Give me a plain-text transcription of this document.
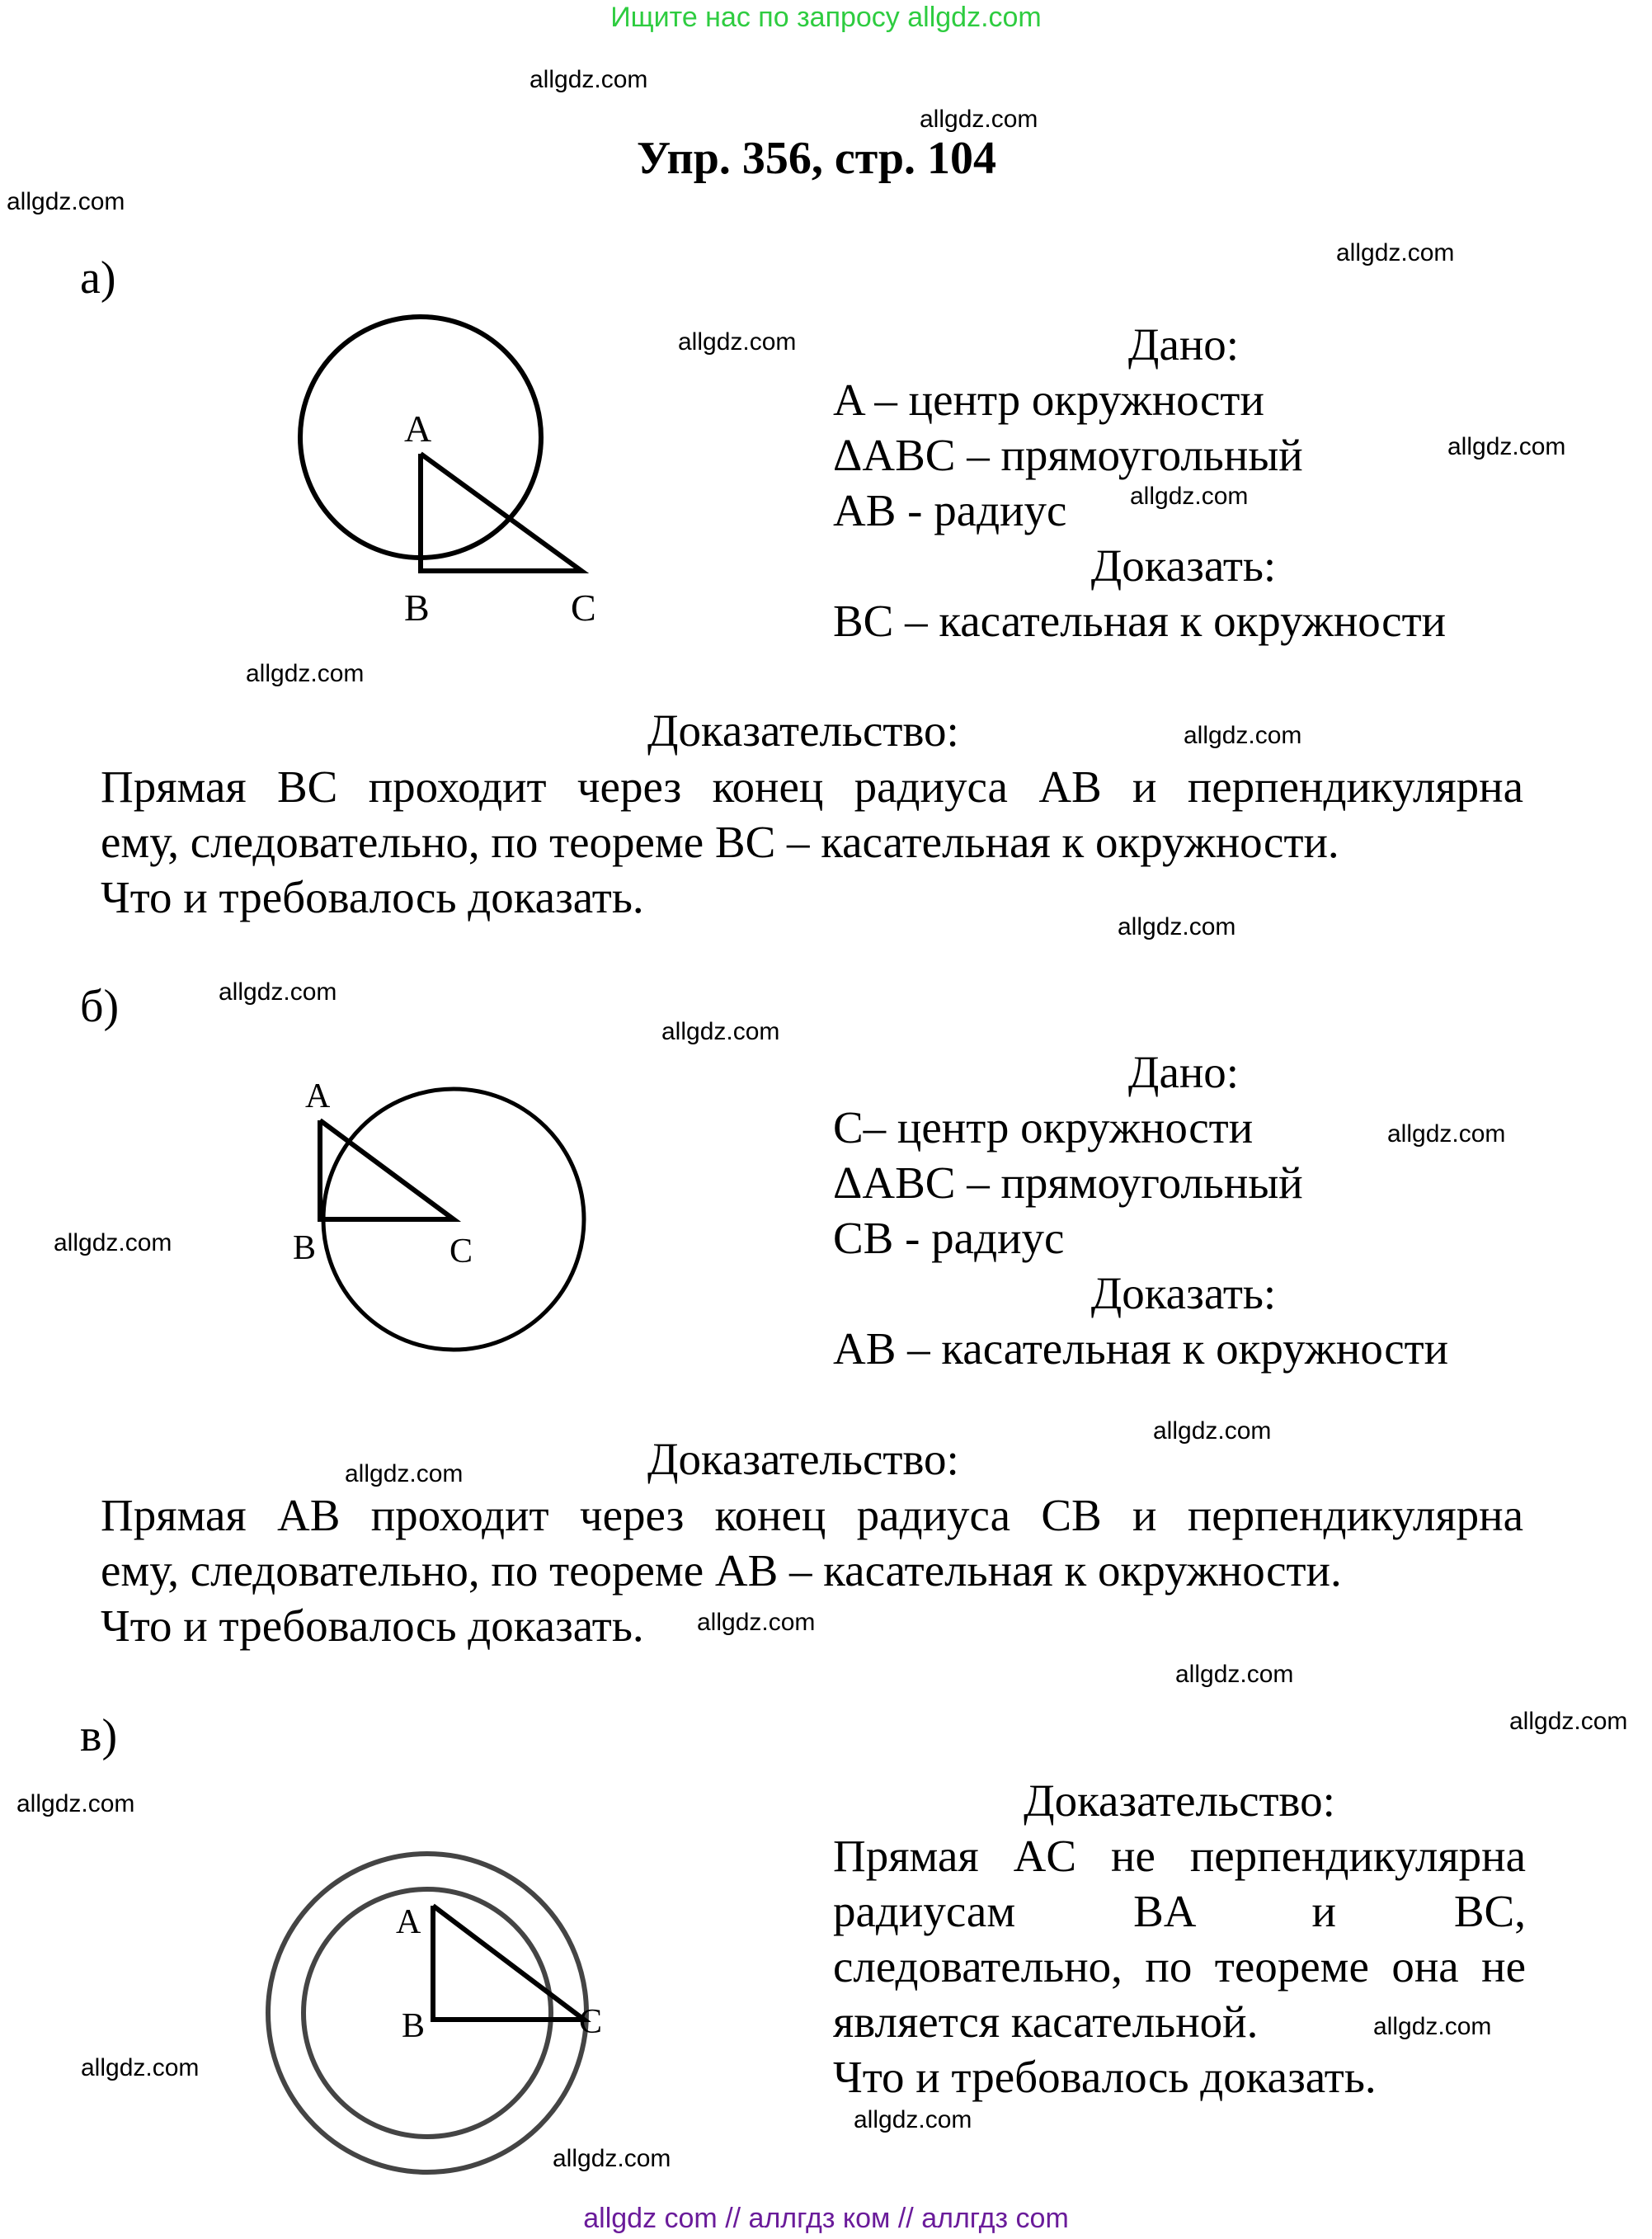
Ищите нас по запросу allgdz.com
Упр. 356, стр. 104
а)
A
B	C
Дано:
A – центр окружности
ΔABC – прямоугольный
AB - радиус
Доказать:
BC – касательная к окружности
Доказательство:
Прямая BC проходит через конец радиуса AB и перпендикулярна
ему, следовательно, по теореме BC – касательная к окружности.
Что и требовалось доказать.
б)
A
B	C
Дано:
C– центр окружности
ΔABC – прямоугольный
CB - радиус
Доказать:
AB – касательная к окружности
Доказательство:
Прямая AB проходит через конец радиуса CB и перпендикулярна
ему, следовательно, по теореме AB – касательная к окружности.
Что и требовалось доказать.
в)
A
B	C
Доказательство:
Прямая AC не перпендикулярна
радиусам BA и BC,
следовательно, по теореме она не
является касательной.
Что и требовалось доказать.
allgdz.com
allgdz.com
allgdz.com
allgdz.com
allgdz.com
allgdz.com
allgdz.com
allgdz.com
allgdz.com
allgdz.com
allgdz.com
allgdz.com
allgdz.com
allgdz.com
allgdz.com
allgdz.com
allgdz.com
allgdz.com
allgdz.com
allgdz.com
allgdz.com
allgdz.com
allgdz.com
allgdz.com
allgdz com // аллгдз ком // аллгдз com
